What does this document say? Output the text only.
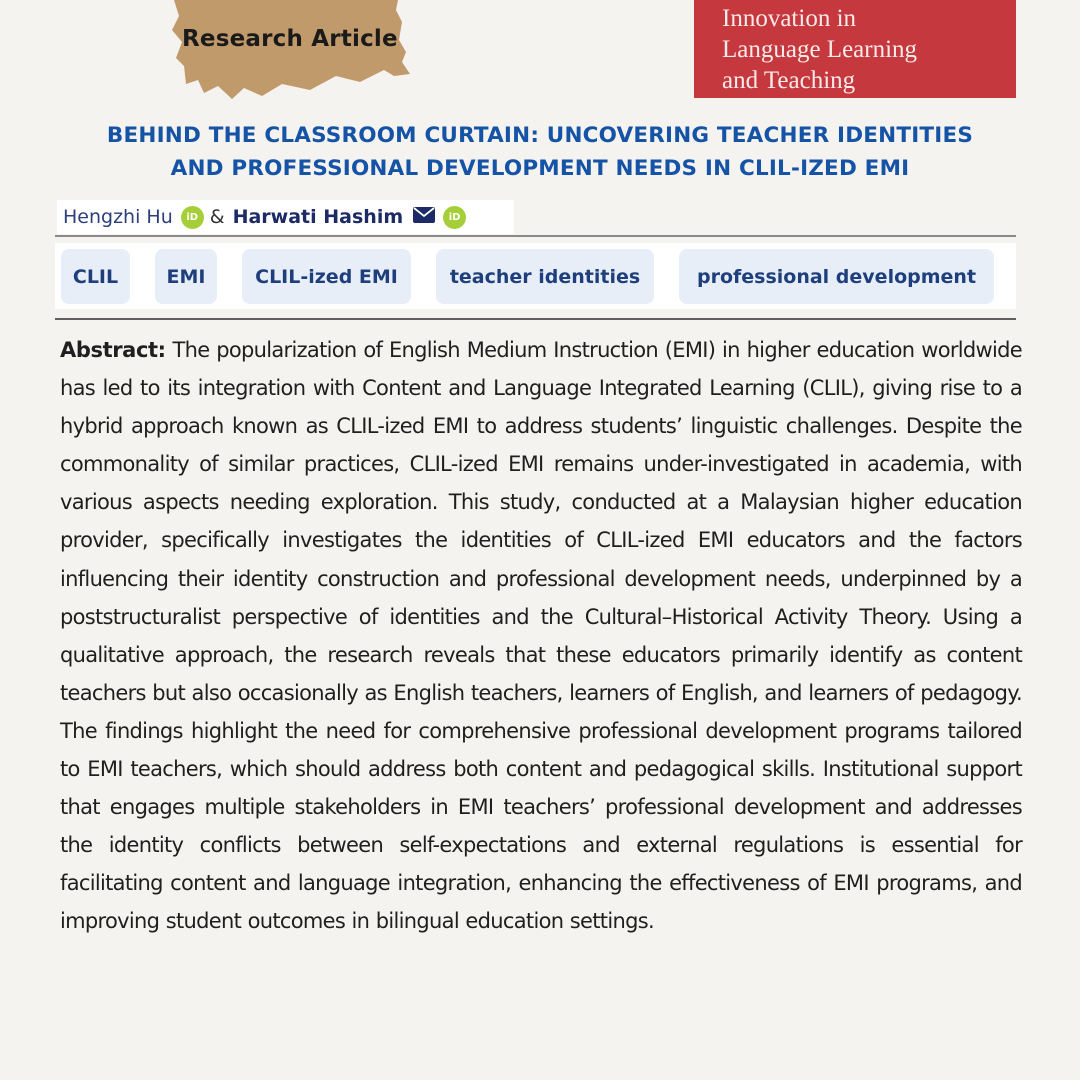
Research Article
Innovation in
Language Learning
and Teaching
BEHIND THE CLASSROOM CURTAIN: UNCOVERING TEACHER IDENTITIES
AND PROFESSIONAL DEVELOPMENT NEEDS IN CLIL-IZED EMI
Hengzhi Hu	iD & Harwati Hashim	iD
CLIL	EMI	CLIL-ized EMI	teacher identities	professional development
Abstract: The popularization of English Medium Instruction (EMI) in higher education worldwide has led to its integration with Content and Language Integrated Learning (CLIL), giving rise to a hybrid approach known as CLIL-ized EMI to address students’ linguistic challenges. Despite the commonality of similar practices, CLIL-ized EMI remains under-investigated in academia, with various aspects needing exploration. This study, conducted at a Malaysian higher education provider, specifically investigates the identities of CLIL-ized EMI educators and the factors influencing their identity construction and professional development needs, underpinned by a poststructuralist perspective of identities and the Cultural–Historical Activity Theory. Using a qualitative approach, the research reveals that these educators primarily identify as content teachers but also occasionally as English teachers, learners of English, and learners of pedagogy. The findings highlight the need for comprehensive professional development programs tailored to EMI teachers, which should address both content and pedagogical skills. Institutional support that engages multiple stakeholders in EMI teachers’ professional development and addresses the identity conflicts between self-expectations and external regulations is essential for facilitating content and language integration, enhancing the effectiveness of EMI programs, and improving student outcomes in bilingual education settings.
